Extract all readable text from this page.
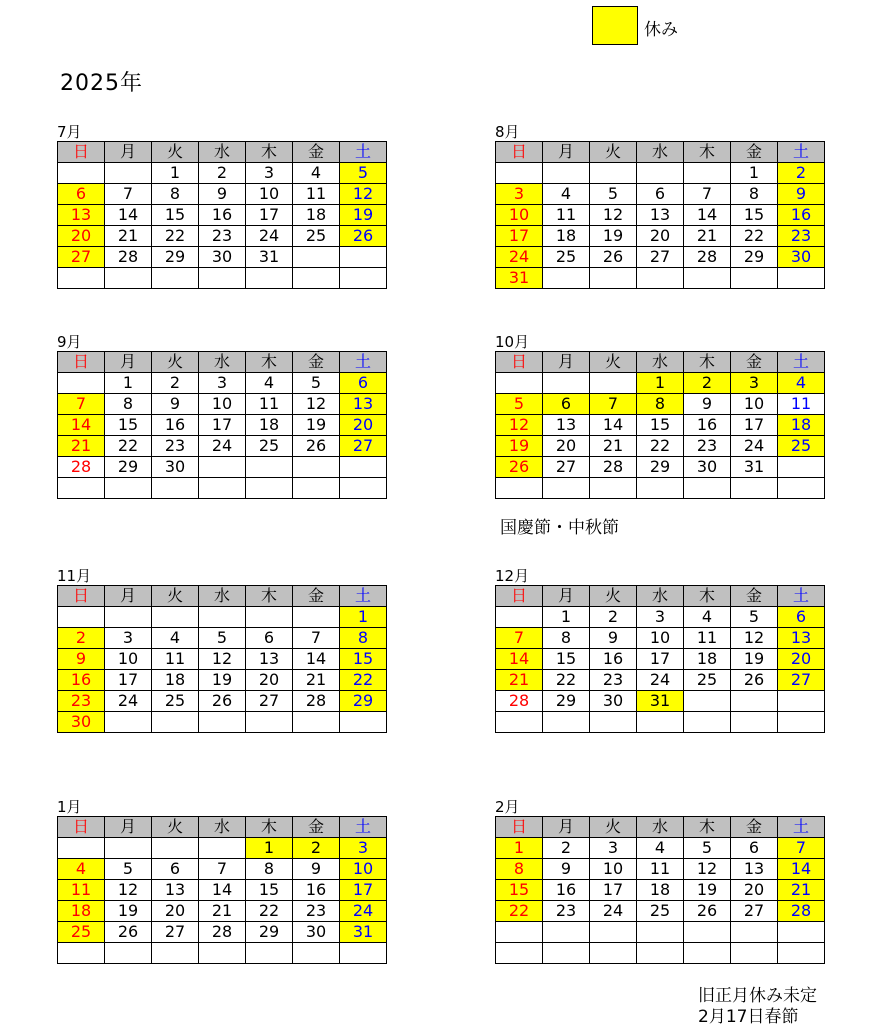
休み
2025年
7月
日	月	火	水	木	金	土
		1	2	3	4	5
6	7	8	9	10	11	12
13	14	15	16	17	18	19
20	21	22	23	24	25	26
27	28	29	30	31		

8月
日	月	火	水	木	金	土
					1	2
3	4	5	6	7	8	9
10	11	12	13	14	15	16
17	18	19	20	21	22	23
24	25	26	27	28	29	30
31						
9月
日	月	火	水	木	金	土
	1	2	3	4	5	6
7	8	9	10	11	12	13
14	15	16	17	18	19	20
21	22	23	24	25	26	27
28	29	30				

10月
日	月	火	水	木	金	土
			1	2	3	4
5	6	7	8	9	10	11
12	13	14	15	16	17	18
19	20	21	22	23	24	25
26	27	28	29	30	31	

11月
日	月	火	水	木	金	土
						1
2	3	4	5	6	7	8
9	10	11	12	13	14	15
16	17	18	19	20	21	22
23	24	25	26	27	28	29
30						
12月
日	月	火	水	木	金	土
	1	2	3	4	5	6
7	8	9	10	11	12	13
14	15	16	17	18	19	20
21	22	23	24	25	26	27
28	29	30	31			

1月
日	月	火	水	木	金	土
				1	2	3
4	5	6	7	8	9	10
11	12	13	14	15	16	17
18	19	20	21	22	23	24
25	26	27	28	29	30	31

2月
日	月	火	水	木	金	土
1	2	3	4	5	6	7
8	9	10	11	12	13	14
15	16	17	18	19	20	21
22	23	24	25	26	27	28

国慶節・中秋節
旧正月休み未定
2月17日春節
